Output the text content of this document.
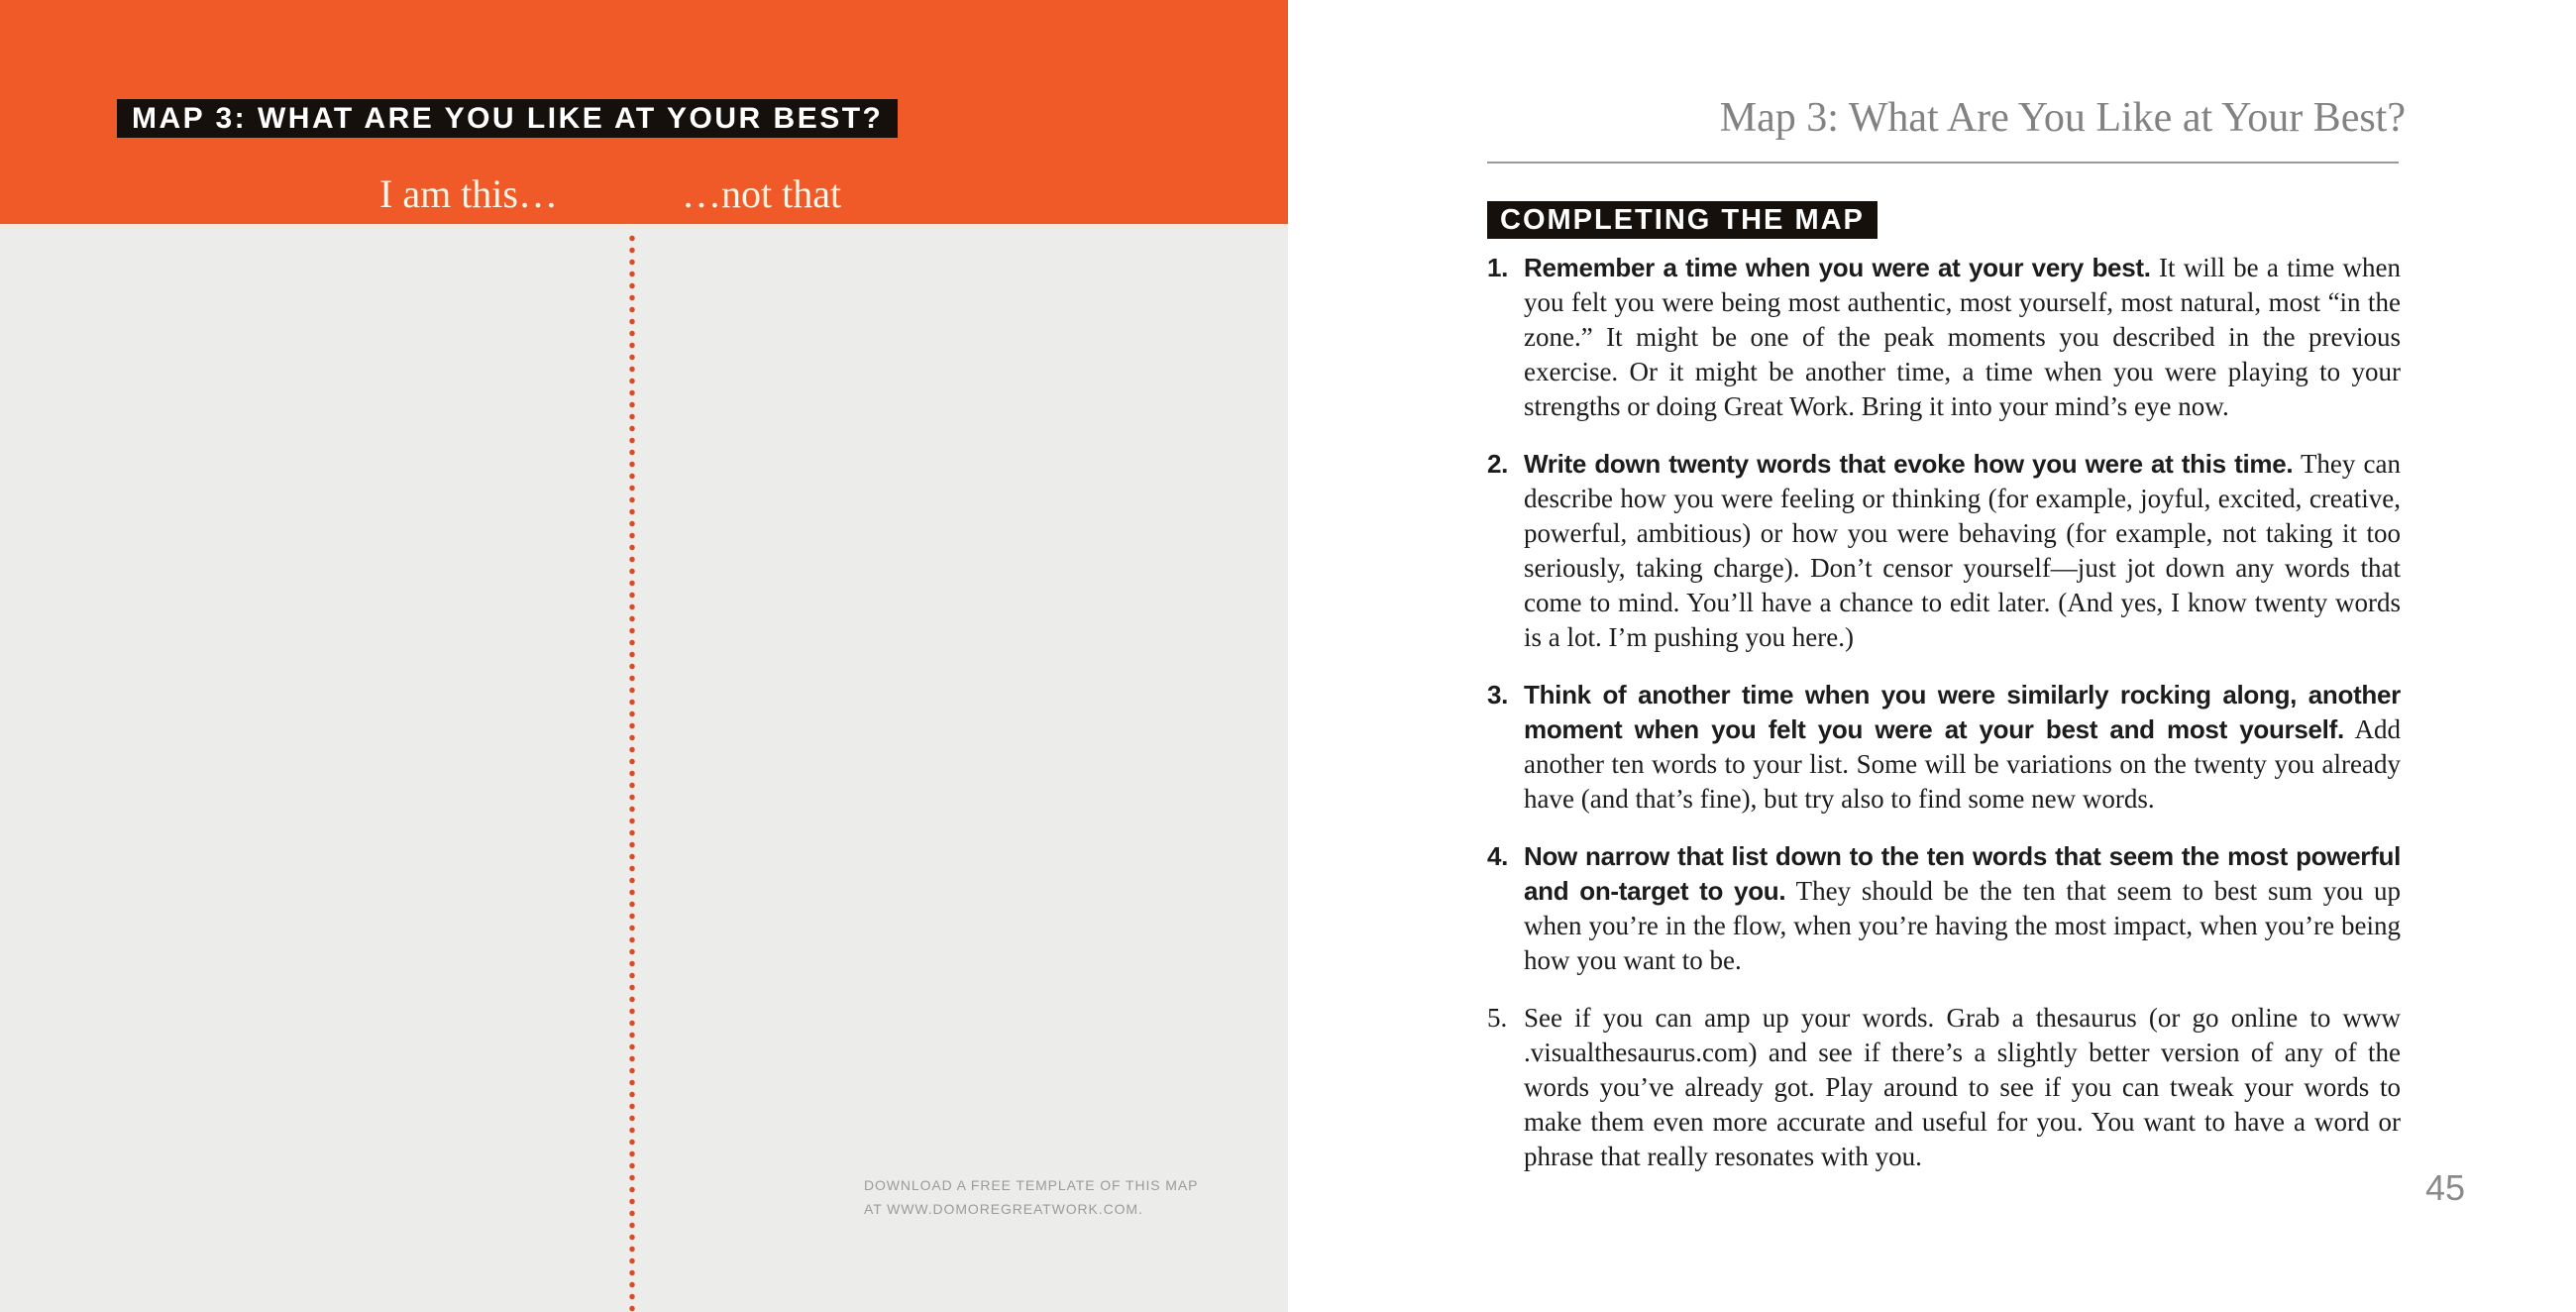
MAP 3: WHAT ARE YOU LIKE AT YOUR BEST?
I am this…	…not that
DOWNLOAD A FREE TEMPLATE OF THIS MAP
AT WWW.DOMOREGREATWORK.COM.
Map 3: What Are You Like at Your Best?
COMPLETING THE MAP
1. Remember a time when you were at your very best. It will be a time when you felt you were being most authentic, most yourself, most natural, most “in the zone.” It might be one of the peak moments you described in the previous exercise. Or it might be another time, a time when you were playing to your strengths or doing Great Work. Bring it into your mind’s eye now.
2. Write down twenty words that evoke how you were at this time. They can describe how you were feeling or thinking (for example, joyful, excited, creative, powerful, ambitious) or how you were behaving (for example, not taking it too seriously, taking charge). Don’t censor yourself—just jot down any words that come to mind. You’ll have a chance to edit later. (And yes, I know twenty words is a lot. I’m pushing you here.)
3. Think of another time when you were similarly rocking along, another moment when you felt you were at your best and most yourself. Add another ten words to your list. Some will be variations on the twenty you already have (and that’s fine), but try also to find some new words.
4. Now narrow that list down to the ten words that seem the most powerful and on-target to you. They should be the ten that seem to best sum you up when you’re in the flow, when you’re having the most impact, when you’re being how you want to be.
5. See if you can amp up your words. Grab a thesaurus (or go online to www .visualthesaurus.com) and see if there’s a slightly better version of any of the words you’ve already got. Play around to see if you can tweak your words to make them even more accurate and useful for you. You want to have a word or phrase that really resonates with you.
45
